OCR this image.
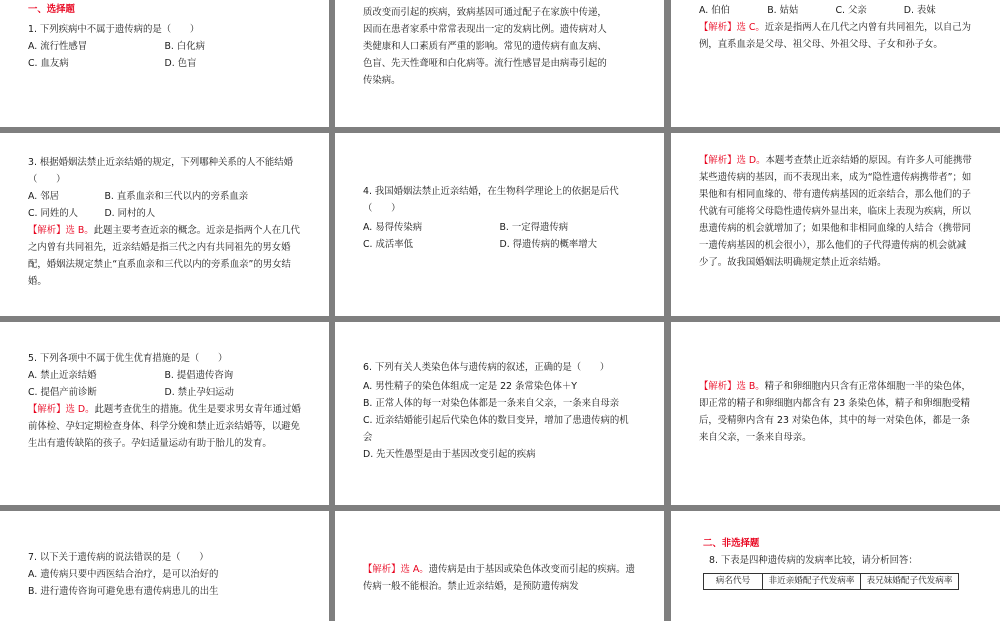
一、选择题

1. 下列疾病中不属于遗传病的是（　　）

A. 流行性感冒	B. 白化病
C. 血友病	D. 色盲

质改变而引起的疾病，致病基因可通过配子在家族中传递，

因而在患者家系中常常表现出一定的发病比例。遗传病对人

类健康和人口素质有严重的影响。常见的遗传病有血友病、

色盲、先天性聋哑和白化病等。流行性感冒是由病毒引起的

传染病。

A. 伯伯	B. 姑姑	C. 父亲	D. 表妹

【解析】选 C。近亲是指两人在几代之内曾有共同祖先，以自己为例，直系血亲是父母、祖父母、外祖父母、子女和孙子女。

3. 根据婚姻法禁止近亲结婚的规定，下列哪种关系的人不能结婚（　　）

A. 邻居	B. 直系血亲和三代以内的旁系血亲
C. 同姓的人	D. 同村的人

【解析】选 B。此题主要考查近亲的概念。近亲是指两个人在几代之内曾有共同祖先，近亲结婚是指三代之内有共同祖先的男女婚配，婚姻法规定禁止“直系血亲和三代以内的旁系血亲”的男女结婚。

4. 我国婚姻法禁止近亲结婚，在生物科学理论上的依据是后代（　　）

A. 易得传染病	B. 一定得遗传病
C. 成活率低	D. 得遗传病的概率增大

【解析】选 D。本题考查禁止近亲结婚的原因。有许多人可能携带某些遗传病的基因，而不表现出来，成为“隐性遗传病携带者”；如果他和有相同血缘的、带有遗传病基因的近亲结合，那么他们的子代就有可能将父母隐性遗传病外显出来，临床上表现为疾病，所以患遗传病的机会就增加了；如果他和非相同血缘的人结合（携带同一遗传病基因的机会很小），那么他们的子代得遗传病的机会就减少了。故我国婚姻法明确规定禁止近亲结婚。

5. 下列各项中不属于优生优育措施的是（　　）

A. 禁止近亲结婚	B. 提倡遗传咨询
C. 提倡产前诊断	D. 禁止孕妇运动

【解析】选 D。此题考查优生的措施。优生是要求男女青年通过婚前体检、孕妇定期检查身体、科学分娩和禁止近亲结婚等，以避免生出有遗传缺陷的孩子。孕妇适量运动有助于胎儿的发育。

6. 下列有关人类染色体与遗传病的叙述，正确的是（　　）

A. 男性精子的染色体组成一定是 22 条常染色体＋Y

B. 正常人体的每一对染色体都是一条来自父亲，一条来自母亲

C. 近亲结婚能引起后代染色体的数目变异，增加了患遗传病的机会

D. 先天性愚型是由于基因改变引起的疾病

【解析】选 B。精子和卵细胞内只含有正常体细胞一半的染色体，即正常的精子和卵细胞内都含有 23 条染色体，精子和卵细胞受精后，受精卵内含有 23 对染色体，其中的每一对染色体，都是一条来自父亲，一条来自母亲。

7. 以下关于遗传病的说法错误的是（　　）

A. 遗传病只要中西医结合治疗，是可以治好的

B. 进行遗传咨询可避免患有遗传病患儿的出生

【解析】选 A。遗传病是由于基因或染色体改变而引起的疾病。遗传病一般不能根治。禁止近亲结婚，是预防遗传病发

二、非选择题

8. 下表是四种遗传病的发病率比较，请分析回答：

病名代号	非近亲婚配子代发病率	表兄妹婚配子代发病率
